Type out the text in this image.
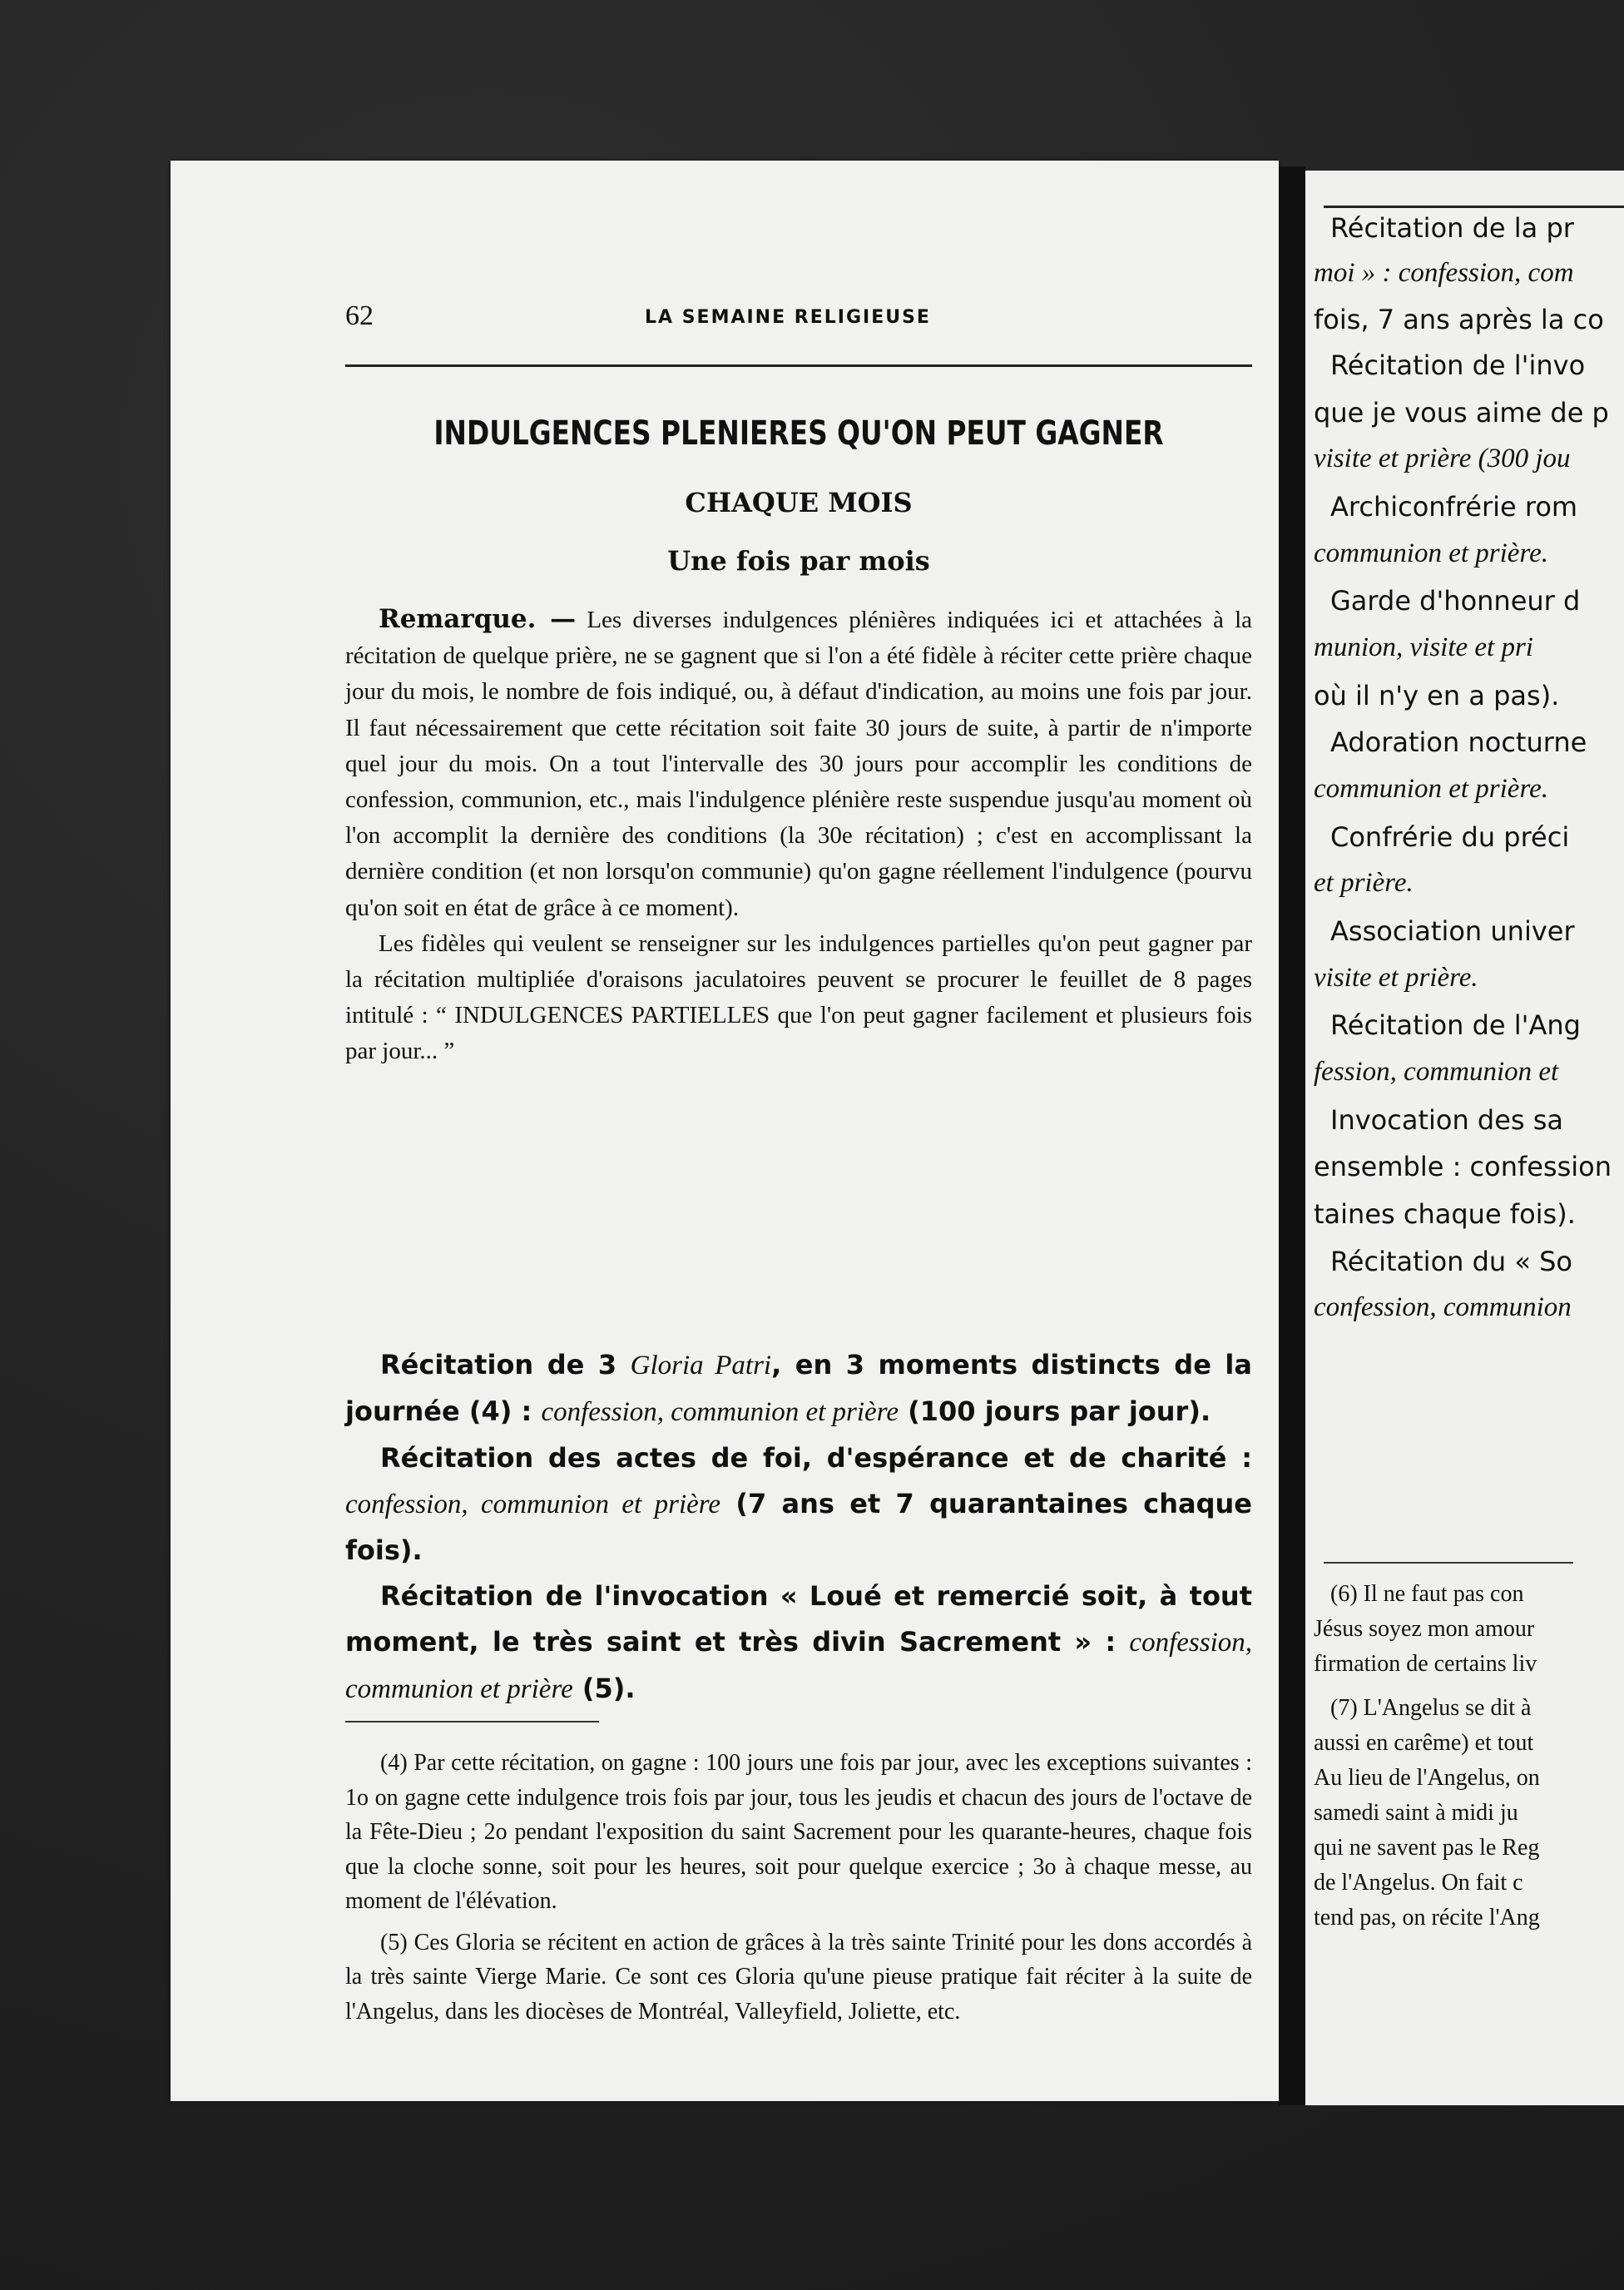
62	LA SEMAINE RELIGIEUSE
INDULGENCES PLENIERES QU'ON PEUT GAGNER
CHAQUE MOIS
Une fois par mois

Remarque. — Les diverses indulgences plénières indiquées ici et attachées à la récitation de quelque prière, ne se gagnent que si l'on a été fidèle à réciter cette prière chaque jour du mois, le nombre de fois indiqué, ou, à défaut d'indication, au moins une fois par jour. Il faut nécessairement que cette récitation soit faite 30 jours de suite, à partir de n'importe quel jour du mois. On a tout l'intervalle des 30 jours pour accomplir les conditions de confession, communion, etc., mais l'indulgence plénière reste suspendue jusqu'au moment où l'on accomplit la dernière des conditions (la 30e récitation) ; c'est en accomplissant la dernière condition (et non lorsqu'on communie) qu'on gagne réellement l'indulgence (pourvu qu'on soit en état de grâce à ce moment).

Les fidèles qui veulent se renseigner sur les indulgences partielles qu'on peut gagner par la récitation multipliée d'oraisons jaculatoires peuvent se procurer le feuillet de 8 pages intitulé : “ INDULGENCES PARTIELLES que l'on peut gagner facilement et plusieurs fois par jour... ”

Récitation de 3 Gloria Patri, en 3 moments distincts de la journée (4) : confession, communion et prière (100 jours par jour).

Récitation des actes de foi, d'espérance et de charité : confession, communion et prière (7 ans et 7 quarantaines chaque fois).

Récitation de l'invocation « Loué et remercié soit, à tout moment, le très saint et très divin Sacrement » : confession, communion et prière (5).

(4) Par cette récitation, on gagne : 100 jours une fois par jour, avec les exceptions suivantes : 1o on gagne cette indulgence trois fois par jour, tous les jeudis et chacun des jours de l'octave de la Fête-Dieu ; 2o pendant l'exposition du saint Sacrement pour les quarante-heures, chaque fois que la cloche sonne, soit pour les heures, soit pour quelque exercice ; 3o à chaque messe, au moment de l'élévation.

(5) Ces Gloria se récitent en action de grâces à la très sainte Trinité pour les dons accordés à la très sainte Vierge Marie. Ce sont ces Gloria qu'une pieuse pratique fait réciter à la suite de l'Angelus, dans les diocèses de Montréal, Valleyfield, Joliette, etc.

Récitation de la pr
moi » : confession, com
fois, 7 ans après la co
Récitation de l'invo
que je vous aime de p
visite et prière (300 jou
Archiconfrérie rom
communion et prière.
Garde d'honneur d
munion, visite et pri
où il n'y en a pas).
Adoration nocturne
communion et prière.
Confrérie du préci
et prière.
Association univer
visite et prière.
Récitation de l'Ang
fession, communion et
Invocation des sa
ensemble : confession
taines chaque fois).
Récitation du « So
confession, communion
(6) Il ne faut pas con
Jésus soyez mon amour
firmation de certains liv
(7) L'Angelus se dit à
aussi en carême) et tout
Au lieu de l'Angelus, on
samedi saint à midi ju
qui ne savent pas le Reg
de l'Angelus. On fait c
tend pas, on récite l'Ang
